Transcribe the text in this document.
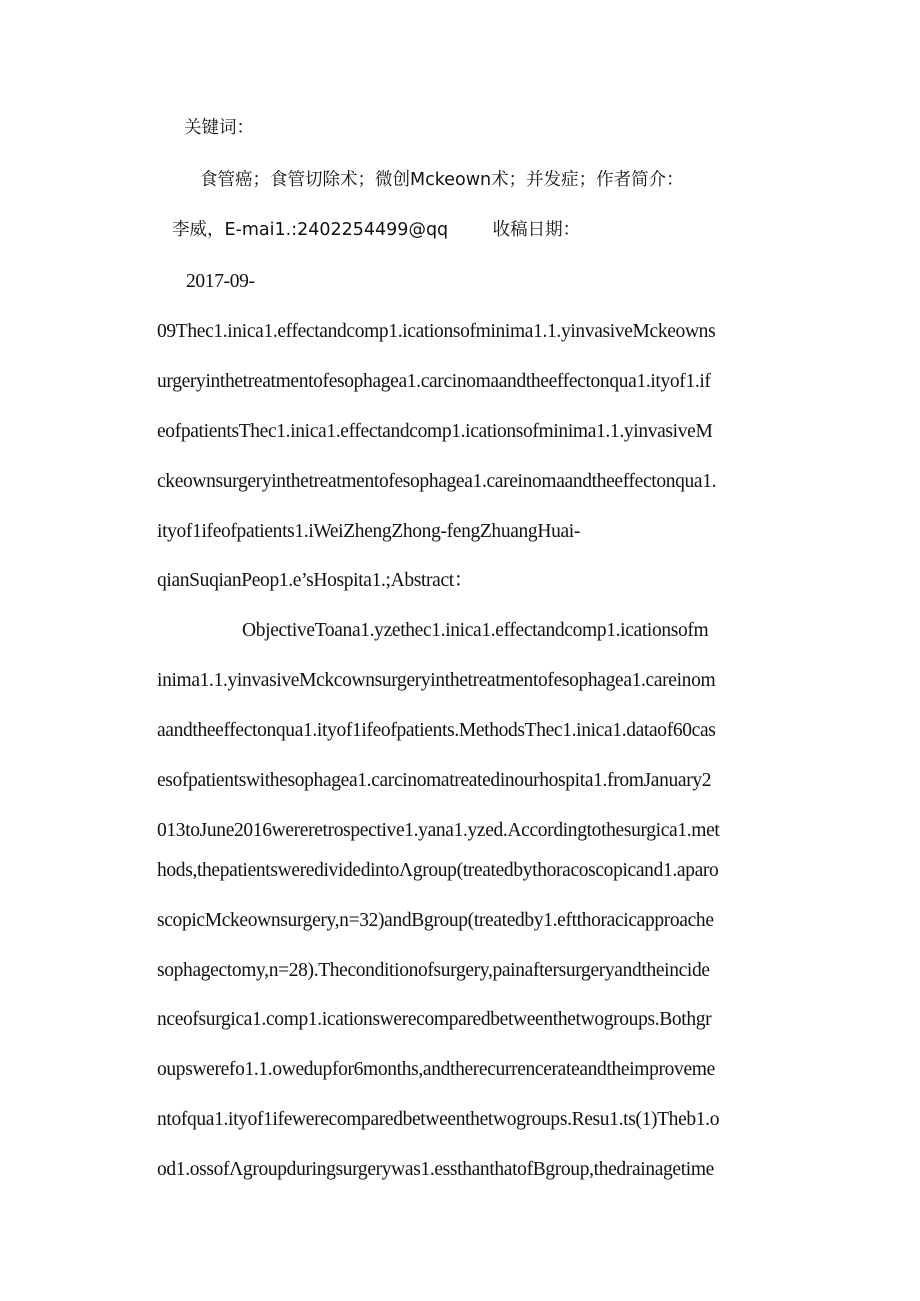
关键词：
食管癌；食管切除术；微创Mckeown术；并发症；作者简介：
李威，E-mai1.:2402254499@qq        收稿日期：
2017-09-
09Thec1.inica1.effectandcomp1.icationsofminima1.1.yinvasiveMckeowns
urgeryinthetreatmentofesophagea1.carcinomaandtheeffectonqua1.ityof1.if
eofpatientsThec1.inica1.effectandcomp1.icationsofminima1.1.yinvasiveM
ckeownsurgeryinthetreatmentofesophagea1.careinomaandtheeffectonqua1.
ityof1ifeofpatients1.iWeiZhengZhong-fengZhuangHuai-
qianSuqianPeop1.e’sHospita1.;Abstract：
ObjectiveToana1.yzethec1.inica1.effectandcomp1.icationsofm
inima1.1.yinvasiveMckcownsurgeryinthetreatmentofesophagea1.careinom
aandtheeffectonqua1.ityof1ifeofpatients.MethodsThec1.inica1.dataof60cas
esofpatientswithesophagea1.carcinomatreatedinourhospita1.fromJanuary2
013toJune2016wereretrospective1.yana1.yzed.Accordingtothesurgica1.met
hods,thepatientsweredividedintoΛgroup(treatedbythoracoscopicand1.aparo
scopicMckeownsurgery,n=32)andBgroup(treatedby1.eftthoracicapproache
sophagectomy,n=28).Theconditionofsurgery,painaftersurgeryandtheincide
nceofsurgica1.comp1.icationswerecomparedbetweenthetwogroups.Bothgr
oupswerefo1.1.owedupfor6months,andtherecurrencerateandtheimproveme
ntofqua1.ityof1ifewerecomparedbetweenthetwogroups.Resu1.ts(1)Theb1.o
od1.ossofΛgroupduringsurgerywas1.essthanthatofBgroup,thedrainagetime
